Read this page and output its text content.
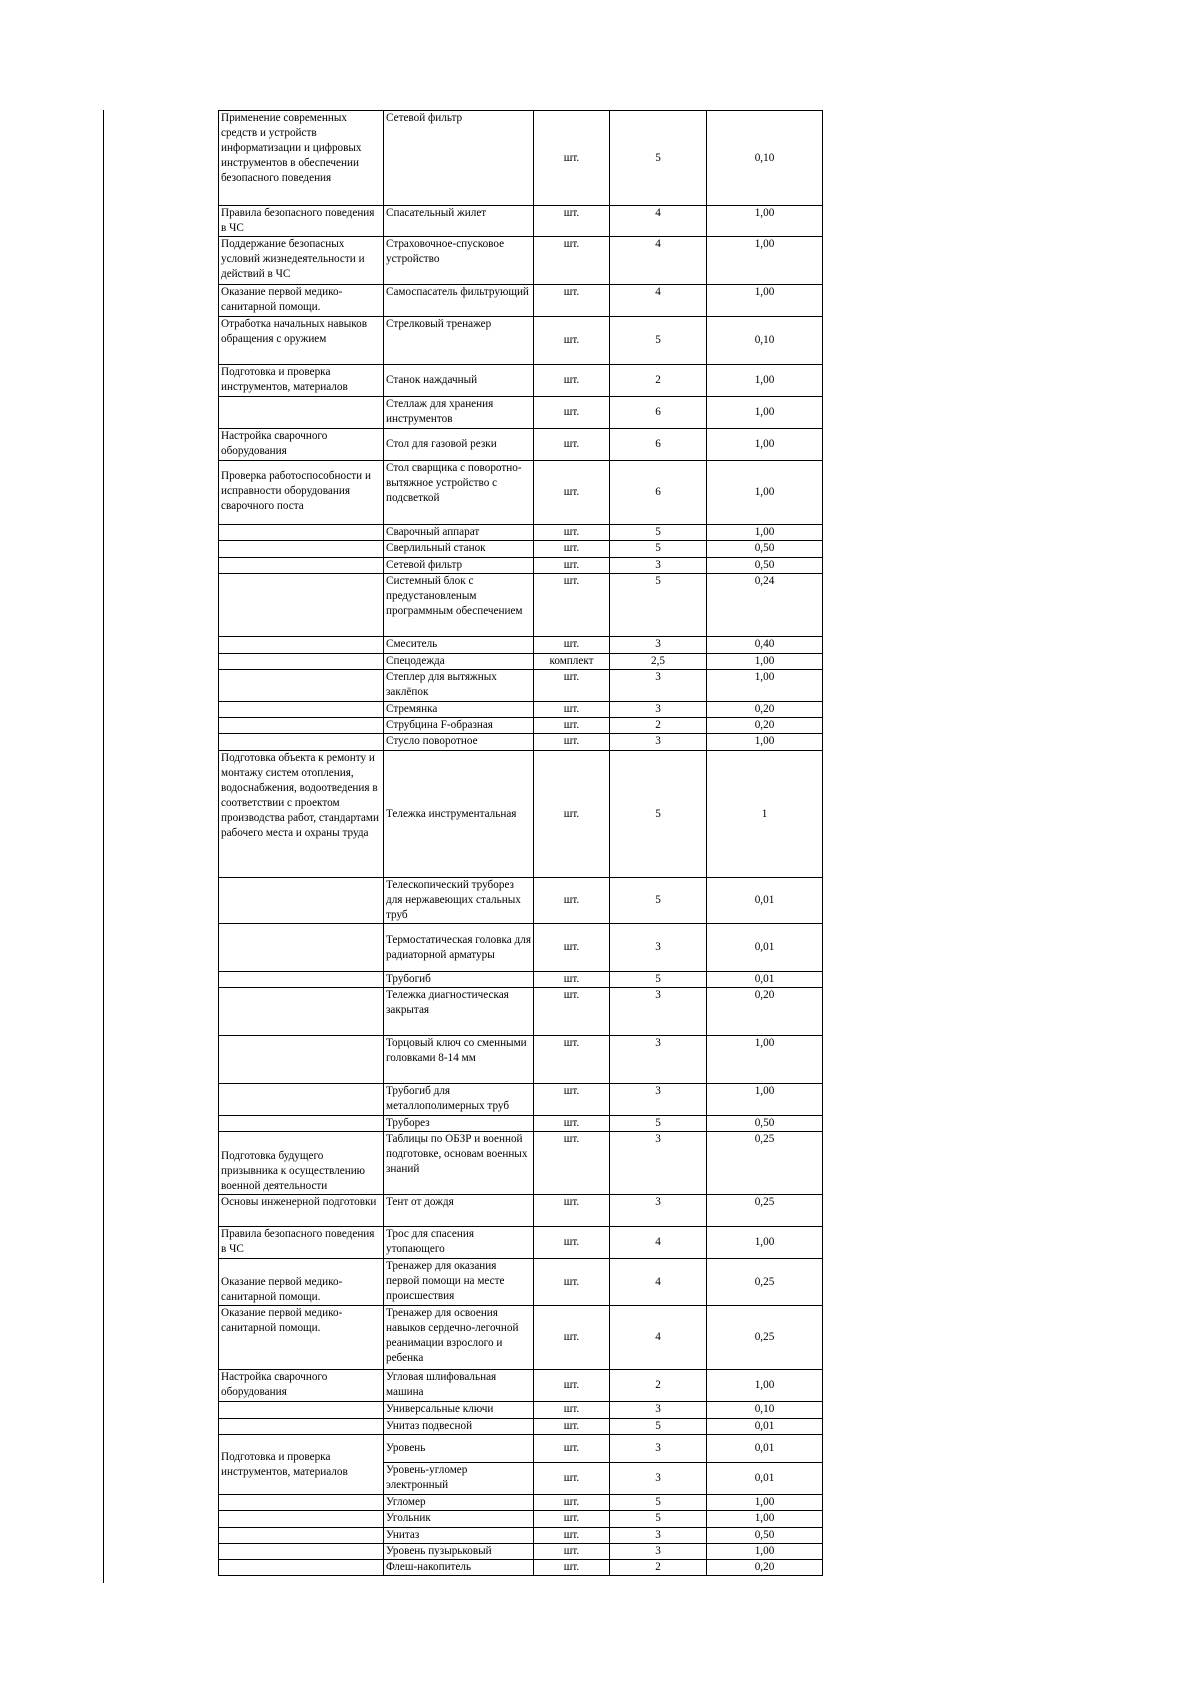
Применение современных средств и устройств информатизации и цифровых инструментов в обеспечении безопасного поведения	Сетевой фильтр	шт.	5	0,10
Правила безопасного поведения в ЧС	Спасательный жилет	шт.	4	1,00
Поддержание безопасных условий жизнедеятельности и действий в ЧС	Страховочное-спусковое устройство	шт.	4	1,00
Оказание первой медико-санитарной помощи.	Самоспасатель фильтрующий	шт.	4	1,00
Отработка начальных навыков обращения с оружием	Стрелковый тренажер	шт.	5	0,10
Подготовка и проверка инструментов, материалов	Станок наждачный	шт.	2	1,00
	Стеллаж для хранения инструментов	шт.	6	1,00
Настройка сварочного оборудования	Стол для газовой резки	шт.	6	1,00
Проверка работоспособности и исправности оборудования сварочного поста	Стол сварщика с поворотно-вытяжное устройство с подсветкой	шт.	6	1,00
	Сварочный аппарат	шт.	5	1,00
	Сверлильный станок	шт.	5	0,50
	Сетевой фильтр	шт.	3	0,50
	Системный блок с предустановленым программным обеспечением	шт.	5	0,24
	Смеситель	шт.	3	0,40
	Спецодежда	комплект	2,5	1,00
	Степлер для вытяжных заклёпок	шт.	3	1,00
	Стремянка	шт.	3	0,20
	Струбцина F-образная	шт.	2	0,20
	Стусло поворотное	шт.	3	1,00
Подготовка объекта к ремонту и монтажу систем отопления, водоснабжения, водоотведения в соответствии с проектом производства работ, стандартами рабочего места и охраны труда	Тележка инструментальная	шт.	5	1
	Телескопический труборез для нержавеющих стальных труб	шт.	5	0,01
	Термостатическая головка для радиаторной арматуры	шт.	3	0,01
	Трубогиб	шт.	5	0,01
	Тележка диагностическая закрытая	шт.	3	0,20
	Торцовый ключ со сменными головками 8-14 мм	шт.	3	1,00
	Трубогиб для металлополимерных труб	шт.	3	1,00
	Труборез	шт.	5	0,50
Подготовка будущего призывника к осуществлению военной деятельности	Таблицы по ОБЗР и военной подготовке, основам военных знаний	шт.	3	0,25
Основы инженерной подготовки	Тент от дождя	шт.	3	0,25
Правила безопасного поведения в ЧС	Трос для спасения утопающего	шт.	4	1,00
Оказание первой медико-санитарной помощи.	Тренажер для оказания первой помощи на месте происшествия	шт.	4	0,25
Оказание первой медико-санитарной помощи.	Тренажер для освоения навыков сердечно-легочной реанимации взрослого и ребенка	шт.	4	0,25
Настройка сварочного оборудования	Угловая шлифовальная машина	шт.	2	1,00
	Универсальные ключи	шт.	3	0,10
	Унитаз подвесной	шт.	5	0,01
Подготовка и проверка инструментов, материалов	Уровень	шт.	3	0,01
	Уровень-угломер электронный	шт.	3	0,01
	Угломер	шт.	5	1,00
	Угольник	шт.	5	1,00
	Унитаз	шт.	3	0,50
	Уровень пузырьковый	шт.	3	1,00
	Флеш-накопитель	шт.	2	0,20
